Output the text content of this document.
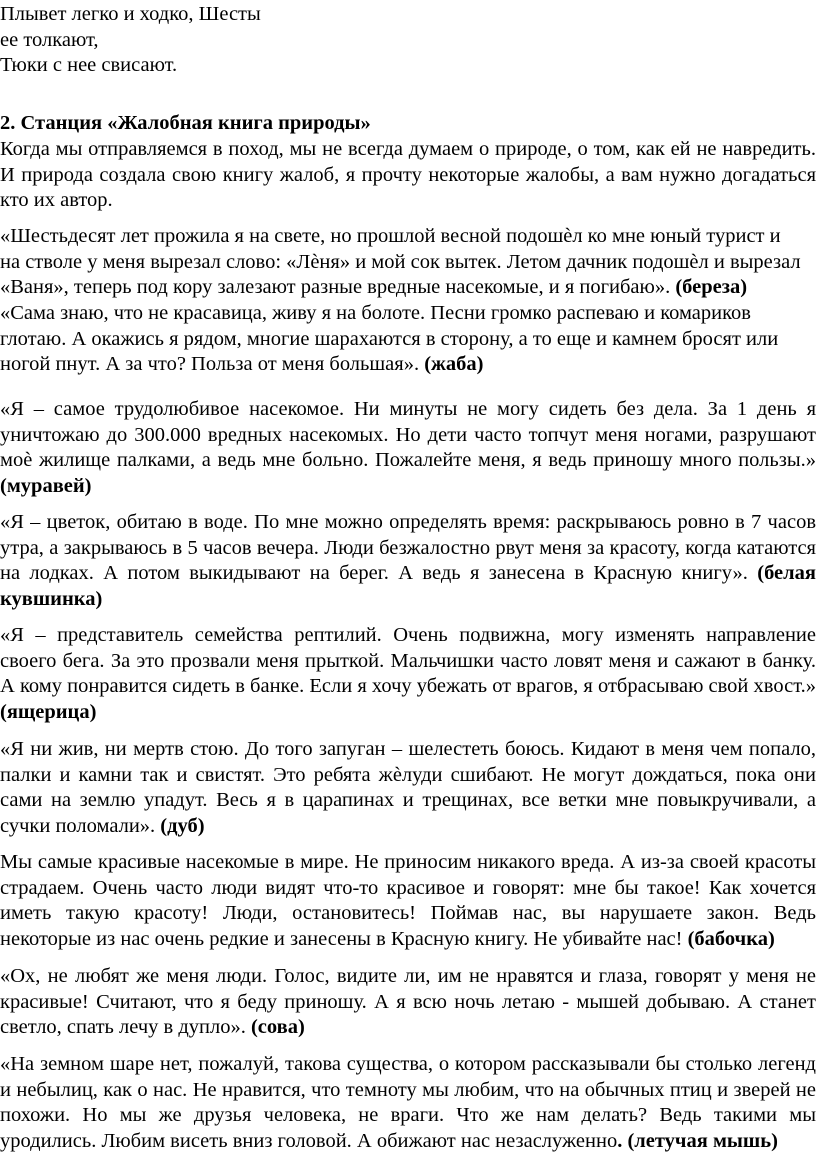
Плывет легко и ходко, Шесты
ее толкают,
Тюки с нее свисают.

2. Станция «Жалобная книга природы»

Когда мы отправляемся в поход, мы не всегда думаем о природе, о том, как ей не навредить. И природа создала свою книгу жалоб, я прочту некоторые жалобы, а вам нужно догадаться кто их автор.

«Шестьдесят лет прожила я на свете, но прошлой весной подошѐл ко мне юный турист и
на стволе у меня вырезал слово: «Лѐня» и мой сок вытек. Летом дачник подошѐл и вырезал
«Ваня», теперь под кору залезают разные вредные насекомые, и я погибаю». (береза)

«Сама знаю, что не красавица, живу я на болоте. Песни громко распеваю и комариков
глотаю. А окажись я рядом, многие шарахаются в сторону, а то еще и камнем бросят или
ногой пнут. А за что? Польза от меня большая». (жаба)

«Я – самое трудолюбивое насекомое. Ни минуты не могу сидеть без дела. За 1 день я уничтожаю до 300.000 вредных насекомых. Но дети часто топчут меня ногами, разрушают моѐ жилище палками, а ведь мне больно. Пожалейте меня, я ведь приношу много пользы.» (муравей)

«Я – цветок, обитаю в воде. По мне можно определять время: раскрываюсь ровно в 7 часов утра, а закрываюсь в 5 часов вечера. Люди безжалостно рвут меня за красоту, когда катаются на лодках. А потом выкидывают на берег. А ведь я занесена в Красную книгу». (белая кувшинка)

«Я – представитель семейства рептилий. Очень подвижна, могу изменять направление своего бега. За это прозвали меня прыткой. Мальчишки часто ловят меня и сажают в банку. А кому понравится сидеть в банке. Если я хочу убежать от врагов, я отбрасываю свой хвост.» (ящерица)

«Я ни жив, ни мертв стою. До того запуган – шелестеть боюсь. Кидают в меня чем попало, палки и камни так и свистят. Это ребята жѐлуди сшибают. Не могут дождаться, пока они сами на землю упадут. Весь я в царапинах и трещинах, все ветки мне повыкручивали, а сучки поломали». (дуб)

Мы самые красивые насекомые в мире. Не приносим никакого вреда. А из-за своей красоты страдаем. Очень часто люди видят что-то красивое и говорят: мне бы такое! Как хочется иметь такую красоту! Люди, остановитесь! Поймав нас, вы нарушаете закон. Ведь некоторые из нас очень редкие и занесены в Красную книгу. Не убивайте нас! (бабочка)

«Ох, не любят же меня люди. Голос, видите ли, им не нравятся и глаза, говорят у меня не красивые! Считают, что я беду приношу. А я всю ночь летаю - мышей добываю. А станет светло, спать лечу в дупло». (сова)

«На земном шаре нет, пожалуй, такова существа, о котором рассказывали бы столько легенд и небылиц, как о нас. Не нравится, что темноту мы любим, что на обычных птиц и зверей не похожи. Но мы же друзья человека, не враги. Что же нам делать? Ведь такими мы уродились. Любим висеть вниз головой. А обижают нас незаслуженно. (летучая мышь)
